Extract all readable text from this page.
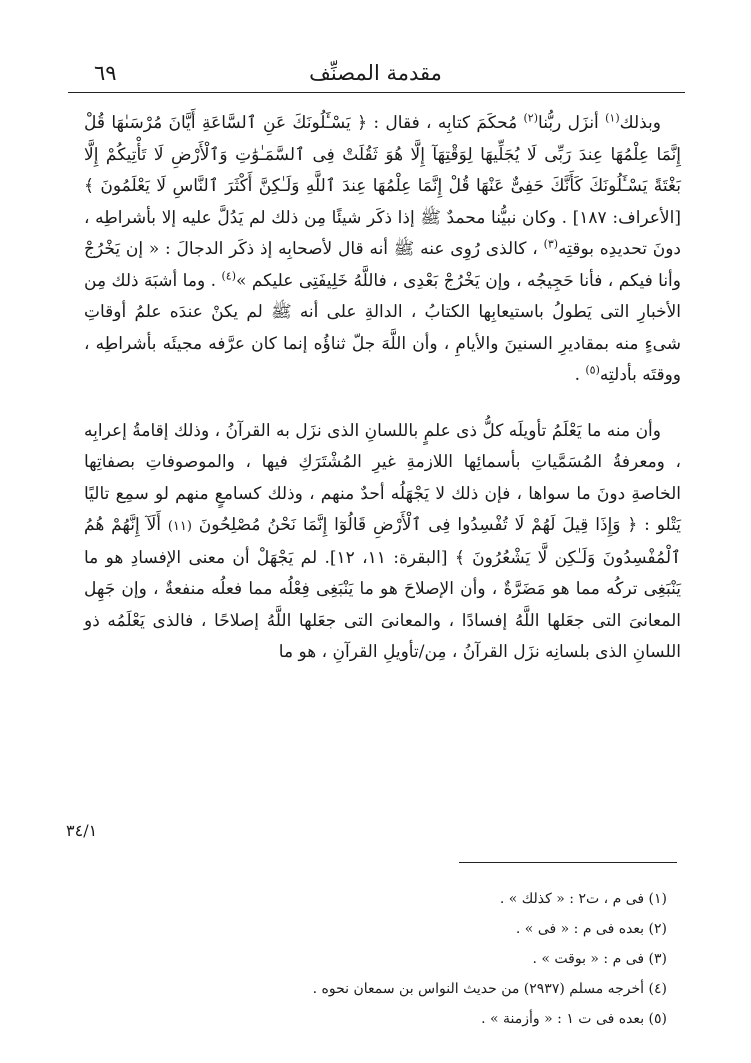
مقدمة المصنِّف
٦٩

وبذلك$^{(١)}$ أنزَل ربُّنا$^{(٢)}$ مُحكَمَ كتابِه ، فقال : ﴿ يَسْـَٔلُونَكَ عَنِ ٱلسَّاعَةِ أَيَّانَ مُرْسَىٰهَا قُلْ إِنَّمَا عِلْمُهَا عِندَ رَبِّى لَا يُجَلِّيهَا لِوَقْتِهَآ إِلَّا هُوَ ثَقُلَتْ فِى ٱلسَّمَـٰوَٰتِ وَٱلْأَرْضِ لَا تَأْتِيكُمْ إِلَّا بَغْتَةً يَسْـَٔلُونَكَ كَأَنَّكَ حَفِىٌّ عَنْهَا قُلْ إِنَّمَا عِلْمُهَا عِندَ ٱللَّهِ وَلَـٰكِنَّ أَكْثَرَ ٱلنَّاسِ لَا يَعْلَمُونَ ﴾ [الأعراف: ١٨٧] . وكان نبيُّنا محمدٌ ﷺ إذا ذكَر شيئًا مِن ذلك لم يَدُلَّ عليه إلا بأشراطِه ، دونَ تحديدِه بوقتِه$^{(٣)}$ ، كالذى رُوِى عنه ﷺ أنه قال لأصحابِه إذ ذكَر الدجالَ : « إن يَخْرُجْ وأنا فيكم ، فأنا حَجِيجُه ، وإن يَخْرُجْ بَعْدِى ، فاللَّهُ خَلِيفَتِى عليكم »$^{(٤)}$ . وما أشبَهَ ذلك مِن الأخبارِ التى يَطولُ باستيعابِها الكتابُ ، الدالةِ على أنه ﷺ لم يكنْ عندَه علمُ أوقاتِ شىءٍ منه بمقاديرِ السنينَ والأيامِ ، وأن اللَّهَ جلّ ثناؤُه إنما كان عرَّفه مجيئَه بأشراطِه ، ووقتَه بأدلتِه$^{(٥)}$ .

وأن منه ما يَعْلَمُ تأويلَه كلُّ ذى علمٍ باللسانِ الذى نزَل به القرآنُ ، وذلك إقامةُ إعرابِه ، ومعرفةُ المُسَمَّياتِ بأسمائِها اللازمةِ غيرِ المُشْتَرَكِ فيها ، والموصوفاتِ بصفاتِها الخاصةِ دونَ ما سواها ، فإن ذلك لا يَجْهَلُه أحدٌ منهم ، وذلك كسامعٍ منهم لو سمِع تاليًا يَتْلو : ﴿ وَإِذَا قِيلَ لَهُمْ لَا تُفْسِدُوا فِى ٱلْأَرْضِ قَالُوٓا إِنَّمَا نَحْنُ مُصْلِحُونَ (١١) أَلَآ إِنَّهُمْ هُمُ ٱلْمُفْسِدُونَ وَلَـٰكِن لَّا يَشْعُرُونَ ﴾ [البقرة: ١١، ١٢]. لم يَجْهَلْ أن معنى الإفسادِ هو ما يَنْبَغِى تركُه مما هو مَضَرَّةٌ ، وأن الإصلاحَ هو ما يَنْبَغِى فِعْلُه مما فعلُه منفعةٌ ، وإن جَهِل المعانىَ التى جعَلها اللَّهُ إفسادًا ، والمعانىَ التى جعَلها اللَّهُ إصلاحًا ، فالذى يَعْلَمُه ذو اللسانِ الذى بلسانِه نزَل القرآنُ ، مِن/تأويلِ القرآنِ ، هو ما

٣٤/١
(١) فى م ، ت٢ : « كذلك » .
(٢) بعده فى م : « فى » .
(٣) فى م : « بوقت » .
(٤) أخرجه مسلم (٢٩٣٧) من حديث النواس بن سمعان نحوه .
(٥) بعده فى ت ١ : « وأزمنة » .
